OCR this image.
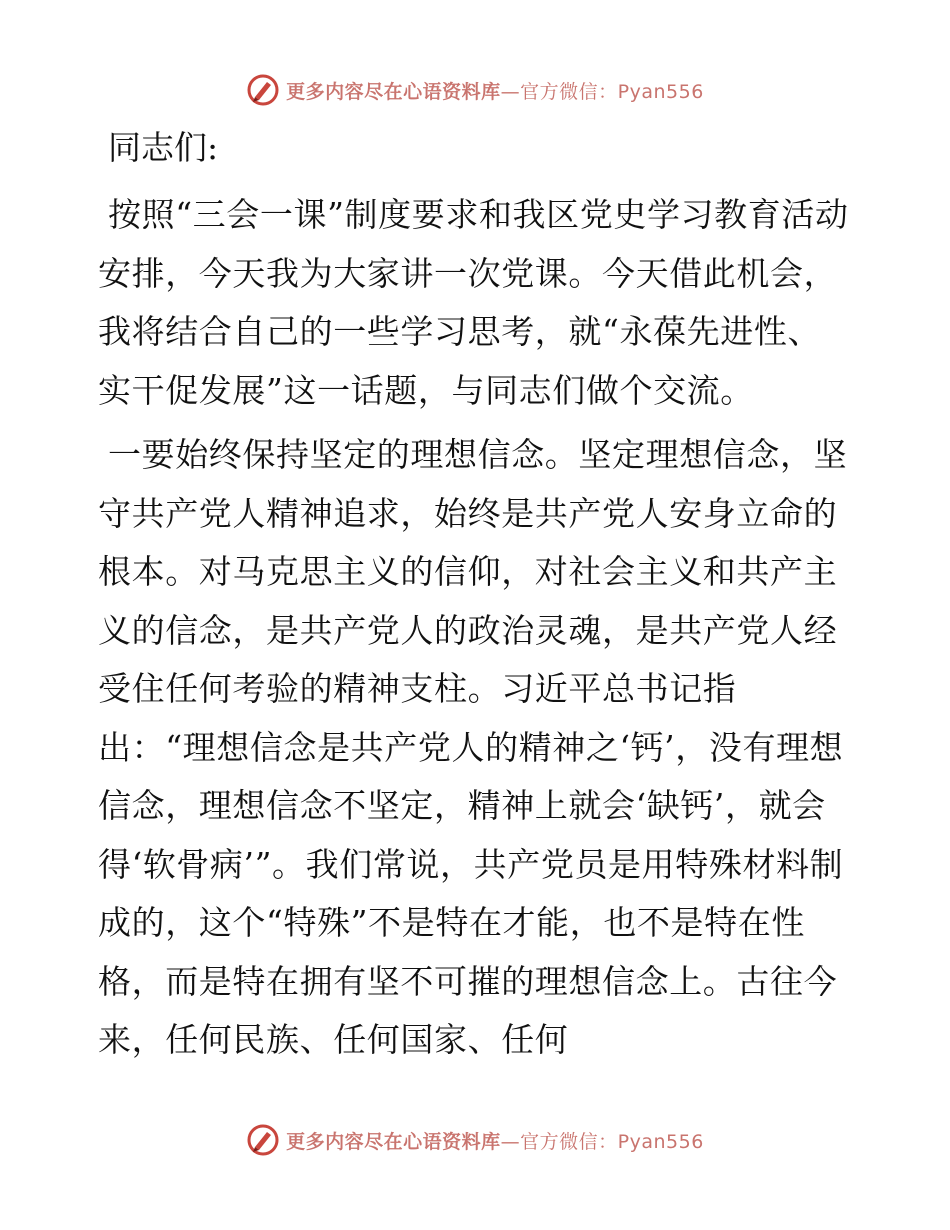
更多内容尽在心语资料库—官方微信：Pyan556
同志们:

按照“三会一课”制度要求和我区党史学习教育活动安排，今天我为大家讲一次党课。今天借此机会，我将结合自己的一些学习思考，就“永葆先进性、实干促发展”这一话题，与同志们做个交流。

一要始终保持坚定的理想信念。坚定理想信念，坚守共产党人精神追求，始终是共产党人安身立命的根本。对马克思主义的信仰，对社会主义和共产主义的信念，是共产党人的政治灵魂，是共产党人经受住任何考验的精神支柱。习近平总书记指出：“理想信念是共产党人的精神之‘钙’，没有理想信念，理想信念不坚定，精神上就会‘缺钙’，就会得‘软骨病’”。我们常说，共产党员是用特殊材料制成的，这个“特殊”不是特在才能，也不是特在性格，而是特在拥有坚不可摧的理想信念上。古往今来，任何民族、任何国家、任何

更多内容尽在心语资料库—官方微信：Pyan556
